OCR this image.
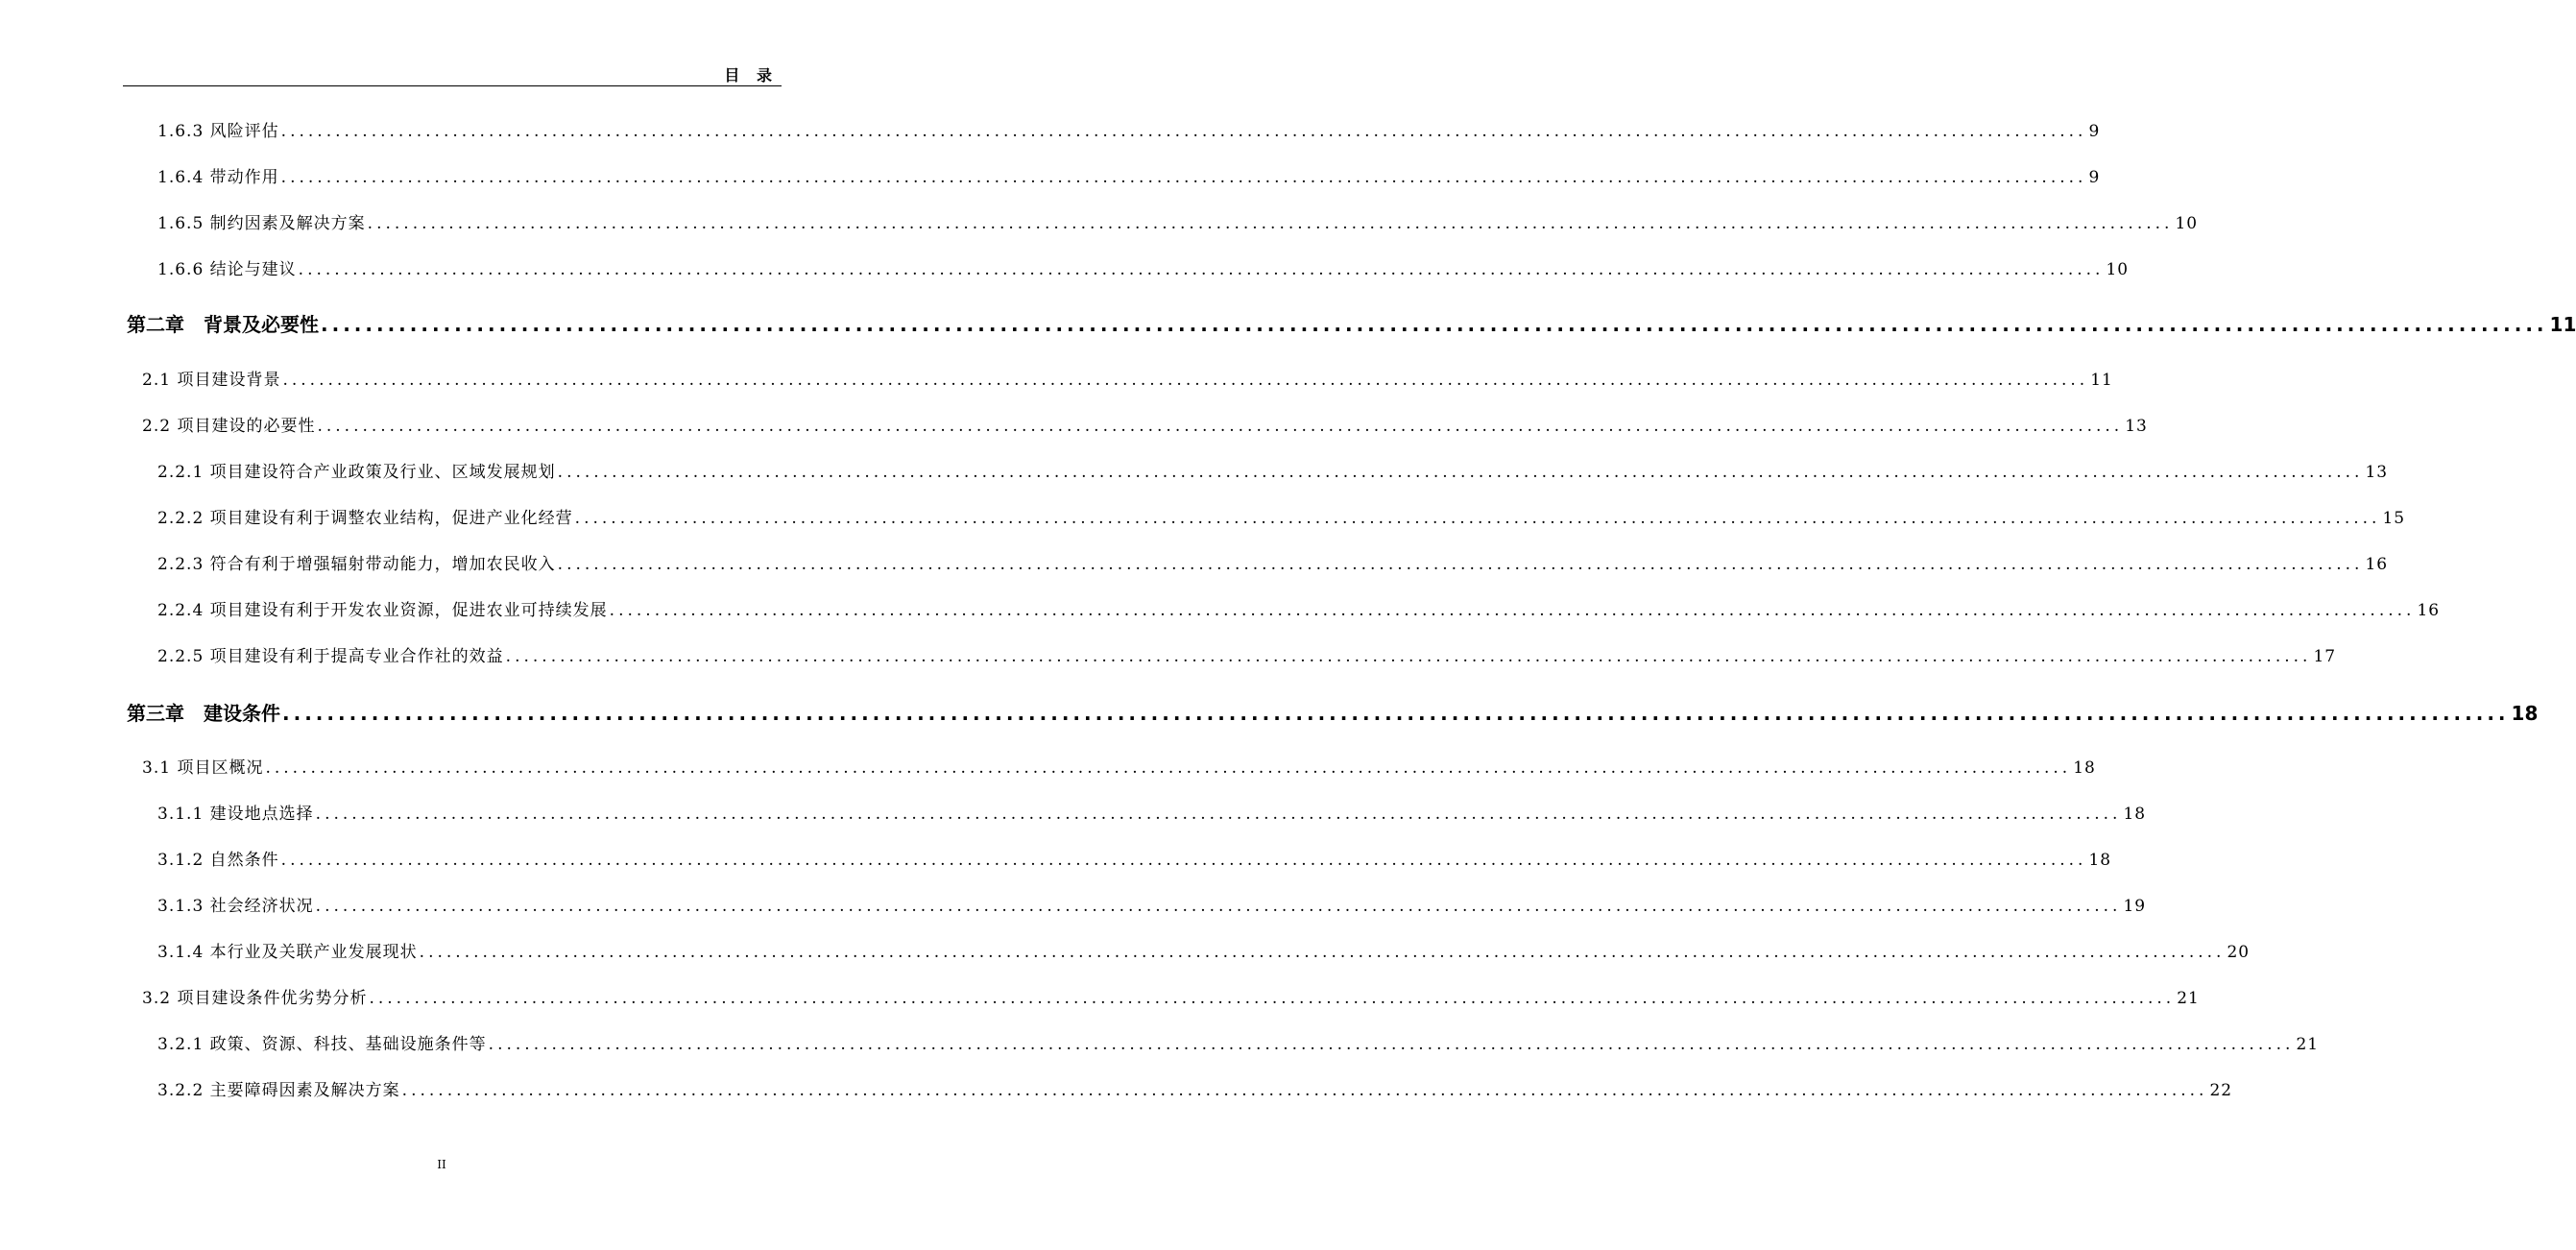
目 录
1.6.3 风险评估 ........................................................................................................................................................................................................ 9
1.6.4 带动作用 ........................................................................................................................................................................................................ 9
1.6.5 制约因素及解决方案 ........................................................................................................................................................................................................ 10
1.6.6 结论与建议 ........................................................................................................................................................................................................ 10
第二章　背景及必要性 ........................................................................................................................................................................................................ 11
2.1 项目建设背景 ........................................................................................................................................................................................................ 11
2.2 项目建设的必要性 ........................................................................................................................................................................................................ 13
2.2.1 项目建设符合产业政策及行业、区域发展规划 ........................................................................................................................................................................................................ 13
2.2.2 项目建设有利于调整农业结构，促进产业化经营 ........................................................................................................................................................................................................ 15
2.2.3 符合有利于增强辐射带动能力，增加农民收入 ........................................................................................................................................................................................................ 16
2.2.4 项目建设有利于开发农业资源，促进农业可持续发展 ........................................................................................................................................................................................................ 16
2.2.5 项目建设有利于提高专业合作社的效益 ........................................................................................................................................................................................................ 17
第三章　建设条件 ........................................................................................................................................................................................................ 18
3.1 项目区概况 ........................................................................................................................................................................................................ 18
3.1.1 建设地点选择 ........................................................................................................................................................................................................ 18
3.1.2 自然条件 ........................................................................................................................................................................................................ 18
3.1.3 社会经济状况 ........................................................................................................................................................................................................ 19
3.1.4 本行业及关联产业发展现状 ........................................................................................................................................................................................................ 20
3.2 项目建设条件优劣势分析 ........................................................................................................................................................................................................ 21
3.2.1 政策、资源、科技、基础设施条件等 ........................................................................................................................................................................................................ 21
3.2.2 主要障碍因素及解决方案 ........................................................................................................................................................................................................ 22
II
